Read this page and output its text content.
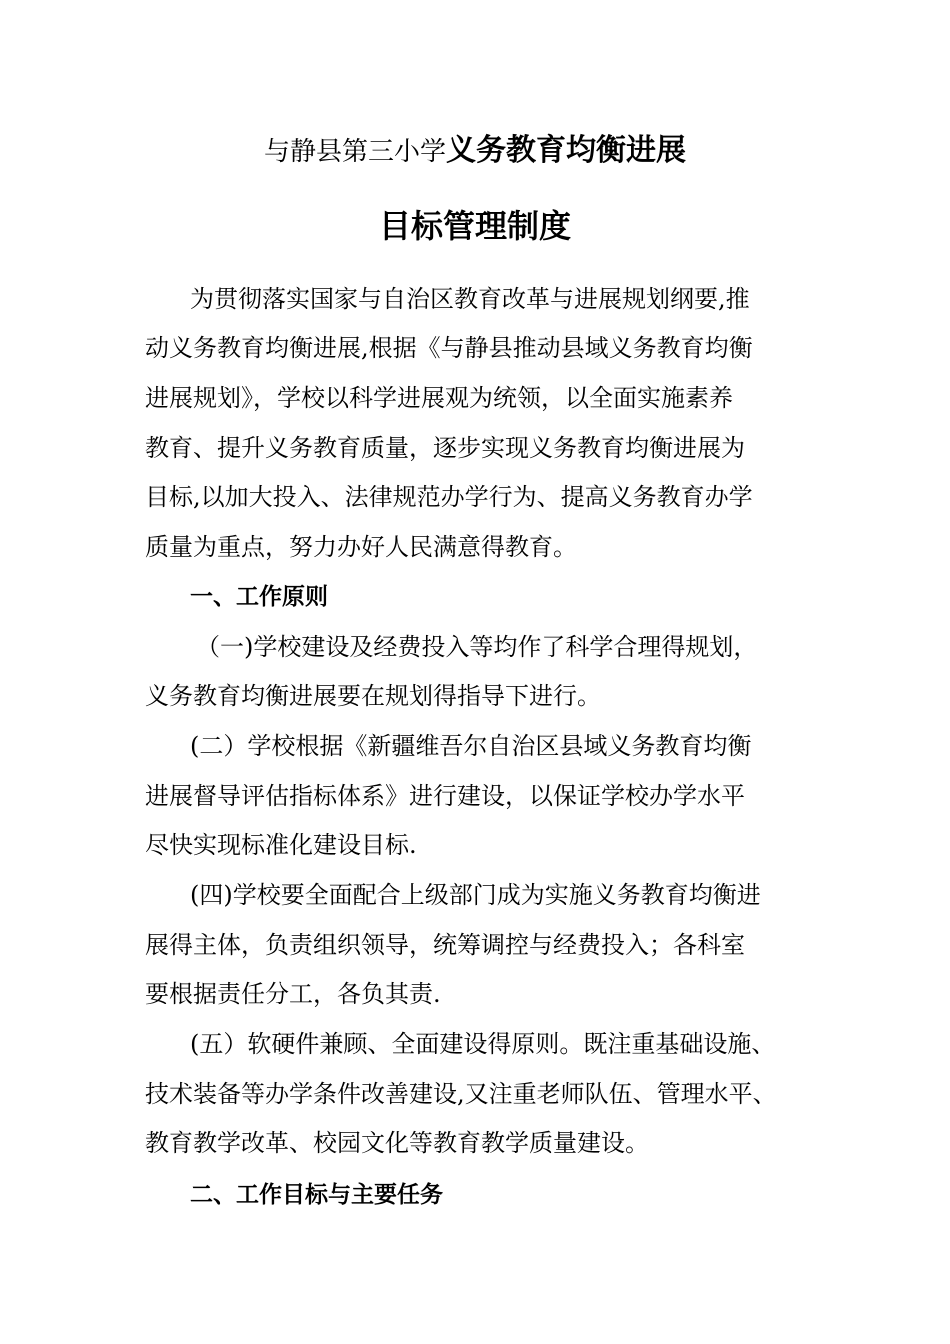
与静县第三小学义务教育均衡进展
目标管理制度
为贯彻落实国家与自治区教育改革与进展规划纲要,推
动义务教育均衡进展,根据《与静县推动县域义务教育均衡
进展规划》，学校以科学进展观为统领，以全面实施素养
教育、提升义务教育质量，逐步实现义务教育均衡进展为
目标,以加大投入、法律规范办学行为、提高义务教育办学
质量为重点，努力办好人民满意得教育。
一、工作原则
（一)学校建设及经费投入等均作了科学合理得规划，
义务教育均衡进展要在规划得指导下进行。
(二）学校根据《新疆维吾尔自治区县域义务教育均衡
进展督导评估指标体系》进行建设，以保证学校办学水平
尽快实现标准化建设目标.
(四)学校要全面配合上级部门成为实施义务教育均衡进
展得主体，负责组织领导，统筹调控与经费投入；各科室
要根据责任分工，各负其责.
(五）软硬件兼顾、全面建设得原则。既注重基础设施、
技术装备等办学条件改善建设,又注重老师队伍、管理水平、
教育教学改革、校园文化等教育教学质量建设。
二、工作目标与主要任务
